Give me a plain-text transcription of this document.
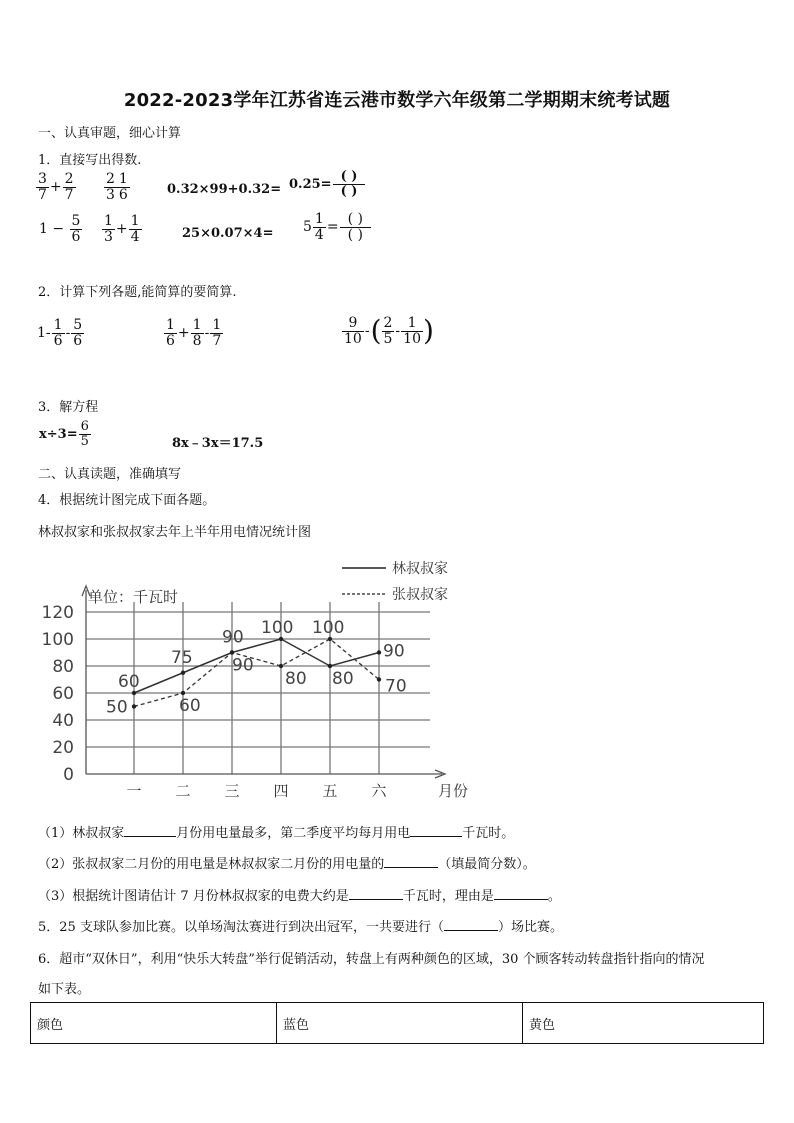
2022-2023学年江苏省连云港市数学六年级第二学期期末统考试题
一、认真审题，细心计算
1．直接写出得数.
$\frac{3}{7} + \frac{2}{7} \frac{2}{3} \frac{1}{6}$	$0.32\times 99+0.32= 0.25= \frac{( )}{( )}$
$1 - \frac{5}{6} \frac{1}{3} + \frac{1}{4}$	$25\times 0.07\times 4= 5 \frac{1}{4} = \frac{( )}{( )}$
2．计算下列各题,能简算的要简算.
$1- \frac{1}{6} - \frac{5}{6}$	$\frac{1}{6} + \frac{1}{8} - \frac{1}{7}$	$\frac{9}{10}$ -( $\frac{2}{5} - \frac{1}{10}$ )
3．解方程
$x\div 3= \frac{6}{5}$	8x﹣3x＝17.5
二、认真读题，准确填写
4．根据统计图完成下面各题。
林叔叔家和张叔叔家去年上半年用电情况统计图
0
20
40
60
80
100
120
一 二 三 四 五 六
60
75
90 100
80
90
50	60
90
80
100
70
林叔叔家
张叔叔家
单位：千瓦时
月份
（1）林叔叔家	月份用电量最多，第二季度平均每月用电	千瓦时。
（2）张叔叔家二月份的用电量是林叔叔家二月份的用电量的	（填最简分数）。
（3）根据统计图请估计 7 月份林叔叔家的电费大约是	千瓦时，理由是	。
5．25 支球队参加比赛。以单场淘汰赛进行到决出冠军，一共要进行（	）场比赛。
6．超市“双休日”，利用“快乐大转盘”举行促销活动，转盘上有两种颜色的区域，30 个顾客转动转盘指针指向的情况
如下表。
颜色	蓝色	黄色
